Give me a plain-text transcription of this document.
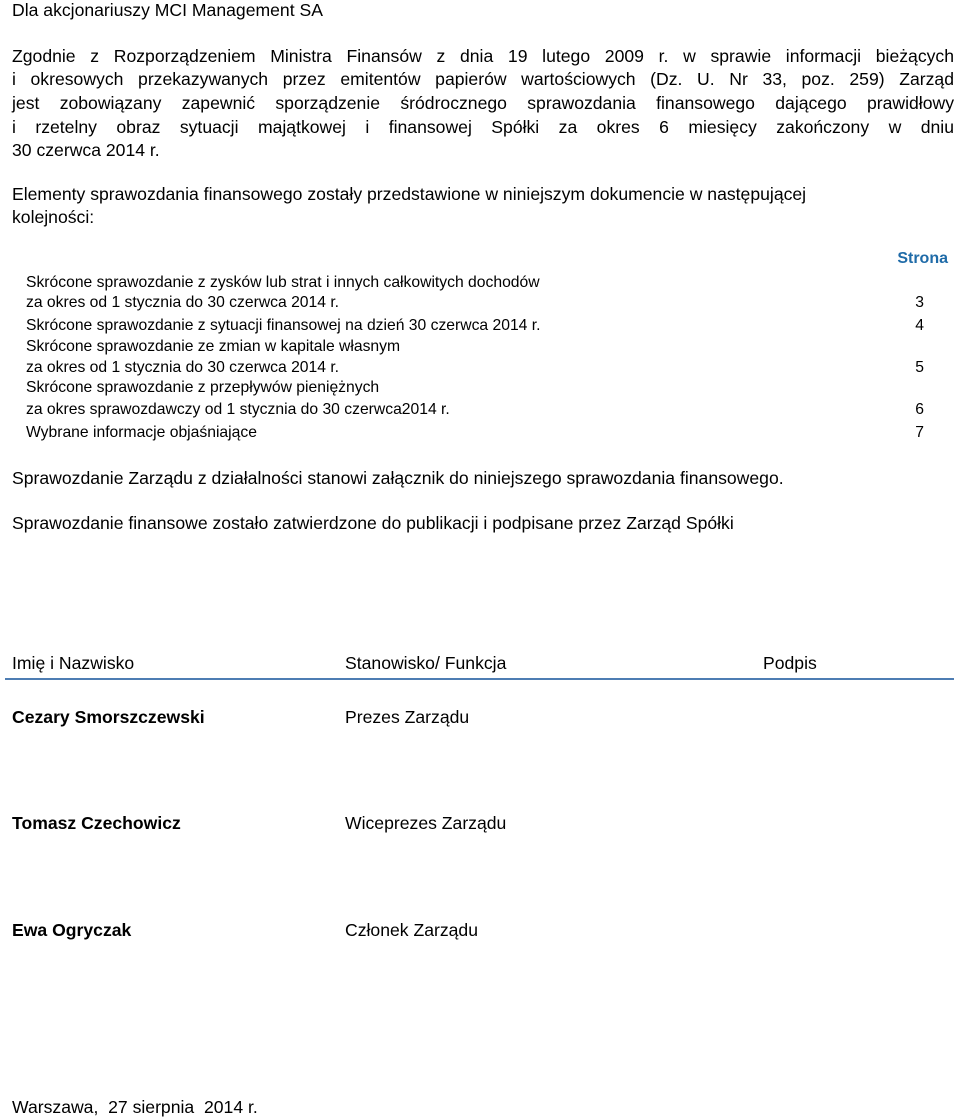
Dla akcjonariuszy MCI Management SA
Zgodnie z Rozporządzeniem Ministra Finansów z dnia 19 lutego 2009 r. w sprawie informacji bieżących
i okresowych przekazywanych przez emitentów papierów wartościowych (Dz. U. Nr 33, poz. 259) Zarząd
jest zobowiązany zapewnić sporządzenie śródrocznego sprawozdania finansowego dającego prawidłowy
i rzetelny obraz sytuacji majątkowej i finansowej Spółki za okres 6 miesięcy zakończony w dniu
30 czerwca 2014 r.
Elementy sprawozdania finansowego zostały przedstawione w niniejszym dokumencie w następującej
kolejności:
Strona
Skrócone sprawozdanie z zysków lub strat i innych całkowitych dochodów
za okres od 1 stycznia do 30 czerwca 2014 r.	3
Skrócone sprawozdanie z sytuacji finansowej na dzień 30 czerwca 2014 r.	4
Skrócone sprawozdanie ze zmian w kapitale własnym
za okres od 1 stycznia do 30 czerwca 2014 r.	5
Skrócone sprawozdanie z przepływów pieniężnych
za okres sprawozdawczy od 1 stycznia do 30 czerwca2014 r.	6
Wybrane informacje objaśniające	7
Sprawozdanie Zarządu z działalności stanowi załącznik do niniejszego sprawozdania finansowego.
Sprawozdanie finansowe zostało zatwierdzone do publikacji i podpisane przez Zarząd Spółki
Imię i Nazwisko	Stanowisko/ Funkcja	Podpis
Cezary Smorszczewski	Prezes Zarządu
Tomasz Czechowicz	Wiceprezes Zarządu
Ewa Ogryczak	Członek Zarządu
Warszawa,  27 sierpnia  2014 r.
